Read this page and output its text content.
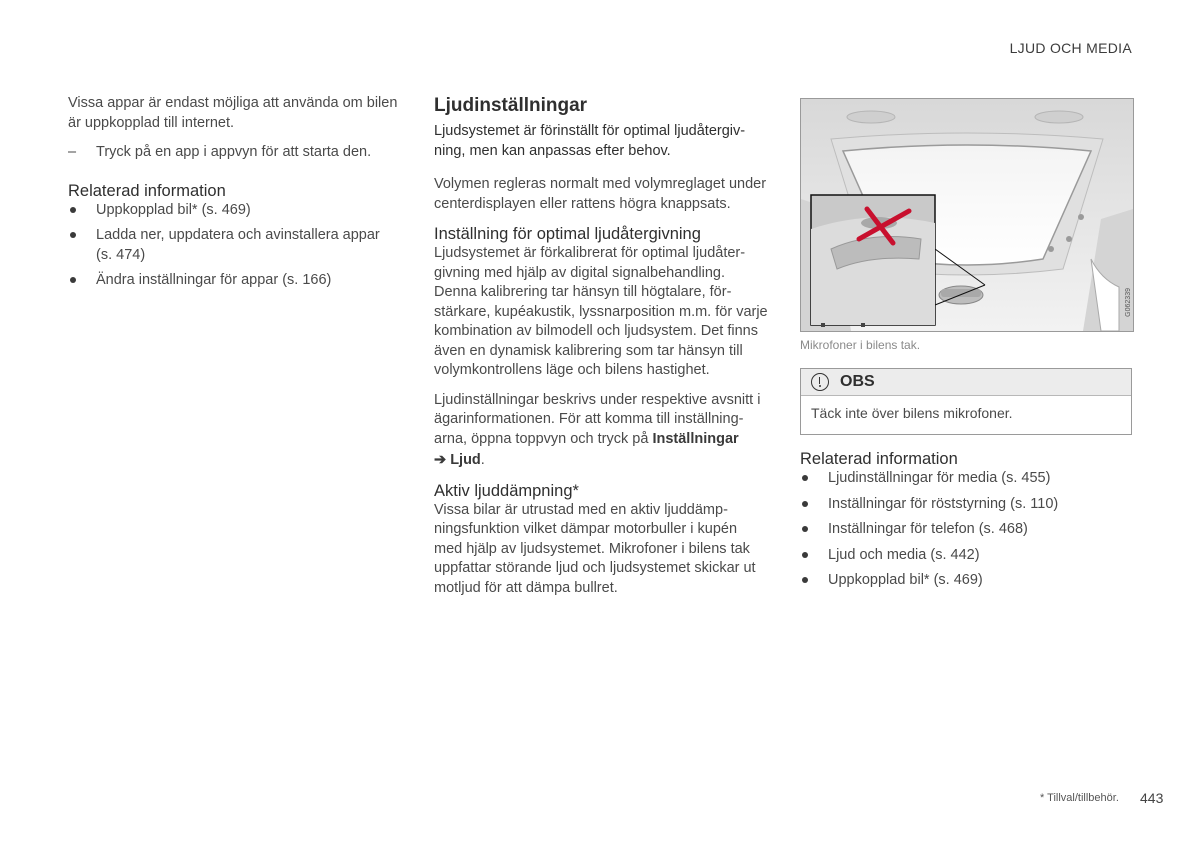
LJUD OCH MEDIA

Vissa appar är endast möjliga att använda om bilen är uppkopplad till internet.

–	Tryck på en app i appvyn för att starta den.
Relaterad information
Uppkopplad bil* (s. 469)
Ladda ner, uppdatera och avinstallera appar (s. 474)
Ändra inställningar för appar (s. 166)
Ljudinställningar

Ljudsystemet är förinställt för optimal ljudåtergivning, men kan anpassas efter behov.

Volymen regleras normalt med volymreglaget under centerdisplayen eller rattens högra knappsats.

Inställning för optimal ljudåtergivning

Ljudsystemet är förkalibrerat för optimal ljudåtergivning med hjälp av digital signalbehandling. Denna kalibrering tar hänsyn till högtalare, förstärkare, kupéakustik, lyssnarposition m.m. för varje kombination av bilmodell och ljudsystem. Det finns även en dynamisk kalibrering som tar hänsyn till volymkontrollens läge och bilens hastighet.

Ljudinställningar beskrivs under respektive avsnitt i ägarinformationen. För att komma till inställningarna, öppna toppvyn och tryck på Inställningar

➔ Ljud.
Aktiv ljuddämpning*

Vissa bilar är utrustad med en aktiv ljuddämpningsfunktion vilket dämpar motorbuller i kupén med hjälp av ljudsystemet. Mikrofoner i bilens tak uppfattar störande ljud och ljudsystemet skickar ut motljud för att dämpa bullret.

G062339
Mikrofoner i bilens tak.
OBS
Täck inte över bilens mikrofoner.
Relaterad information
Ljudinställningar för media (s. 455)
Inställningar för röststyrning (s. 110)
Inställningar för telefon (s. 468)
Ljud och media (s. 442)
Uppkopplad bil* (s. 469)
* Tillval/tillbehör. 443
